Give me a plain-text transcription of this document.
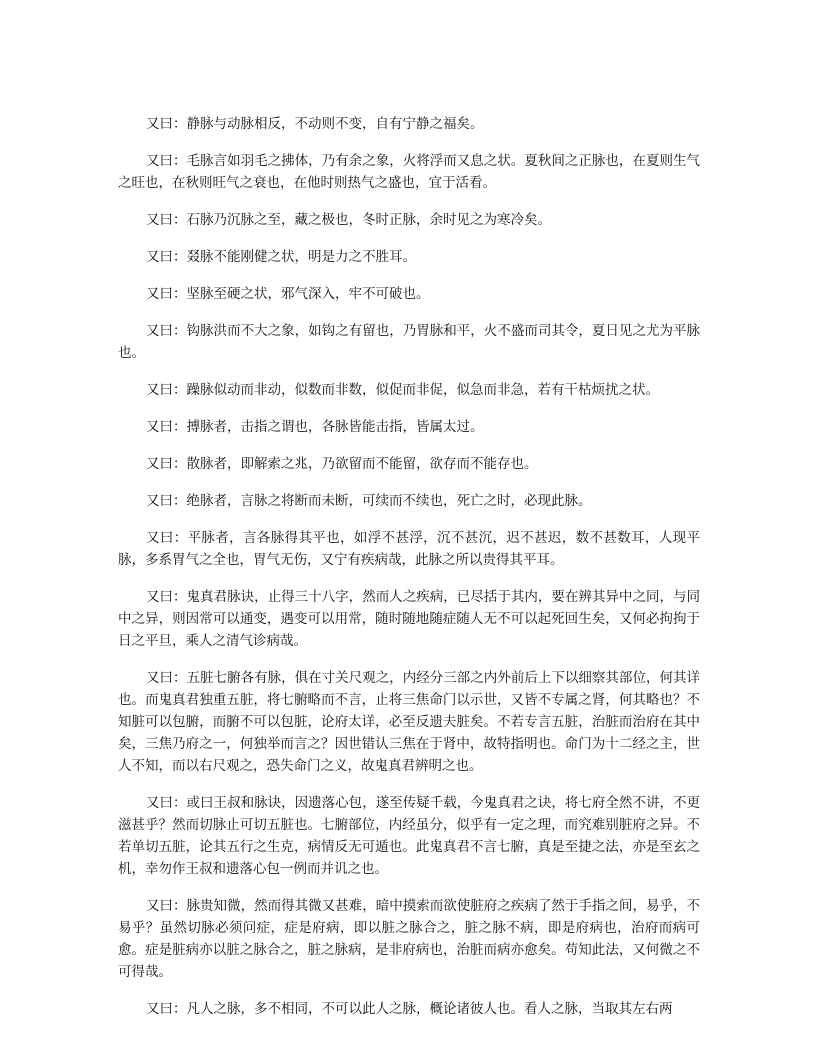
又曰：静脉与动脉相反，不动则不变，自有宁静之福矣。

又曰：毛脉言如羽毛之拂体，乃有余之象，火将浮而又息之状。夏秋间之正脉也，在夏则生气之旺也，在秋则旺气之衰也，在他时则热气之盛也，宜于活看。

又曰：石脉乃沉脉之至，藏之极也，冬时正脉，余时见之为寒冷矣。

又曰：叕脉不能刚健之状，明是力之不胜耳。

又曰：坚脉至硬之状，邪气深入，牢不可破也。

又曰：钩脉洪而不大之象，如钩之有留也，乃胃脉和平，火不盛而司其令，夏日见之尤为平脉也。

又曰：躁脉似动而非动，似数而非数，似促而非促，似急而非急，若有干枯烦扰之状。

又曰：搏脉者，击指之谓也，各脉皆能击指，皆属太过。

又曰：散脉者，即解索之兆，乃欲留而不能留，欲存而不能存也。

又曰：绝脉者，言脉之将断而未断，可续而不续也，死亡之时，必现此脉。

又曰：平脉者，言各脉得其平也，如浮不甚浮，沉不甚沉，迟不甚迟，数不甚数耳，人现平脉，多系胃气之全也，胃气无伤，又宁有疾病哉，此脉之所以贵得其平耳。

又曰：鬼真君脉诀，止得三十八字，然而人之疾病，已尽括于其内，要在辨其异中之同，与同中之异，则因常可以通变，遇变可以用常，随时随地随症随人无不可以起死回生矣，又何必拘拘于日之平旦，乘人之清气诊病哉。

又曰：五脏七腑各有脉，俱在寸关尺观之，内经分三部之内外前后上下以细察其部位，何其详也。而鬼真君独重五脏，将七腑略而不言，止将三焦命门以示世，又皆不专属之肾，何其略也？不知脏可以包腑，而腑不可以包脏，论府太详，必至反遗夫脏矣。不若专言五脏，治脏而治府在其中矣，三焦乃府之一，何独举而言之？因世错认三焦在于肾中，故特指明也。命门为十二经之主，世人不知，而以右尺观之，恐失命门之义，故鬼真君辨明之也。

又曰：或曰王叔和脉诀，因遗落心包，遂至传疑千载，今鬼真君之诀，将七府全然不讲，不更滋甚乎？然而切脉止可切五脏也。七腑部位，内经虽分，似乎有一定之理，而究难别脏府之异。不若单切五脏，论其五行之生克，病情反无可遁也。此鬼真君不言七腑，真是至捷之法，亦是至玄之机，幸勿作王叔和遗落心包一例而并讥之也。

又曰：脉贵知微，然而得其微又甚难，暗中摸索而欲使脏府之疾病了然于手指之间，易乎，不易乎？虽然切脉必须问症，症是府病，即以脏之脉合之，脏之脉不病，即是府病也，治府而病可愈。症是脏病亦以脏之脉合之，脏之脉病，是非府病也，治脏而病亦愈矣。苟知此法，又何微之不可得哉。

又曰：凡人之脉，多不相同，不可以此人之脉，概论诸彼人也。看人之脉，当取其左右两
